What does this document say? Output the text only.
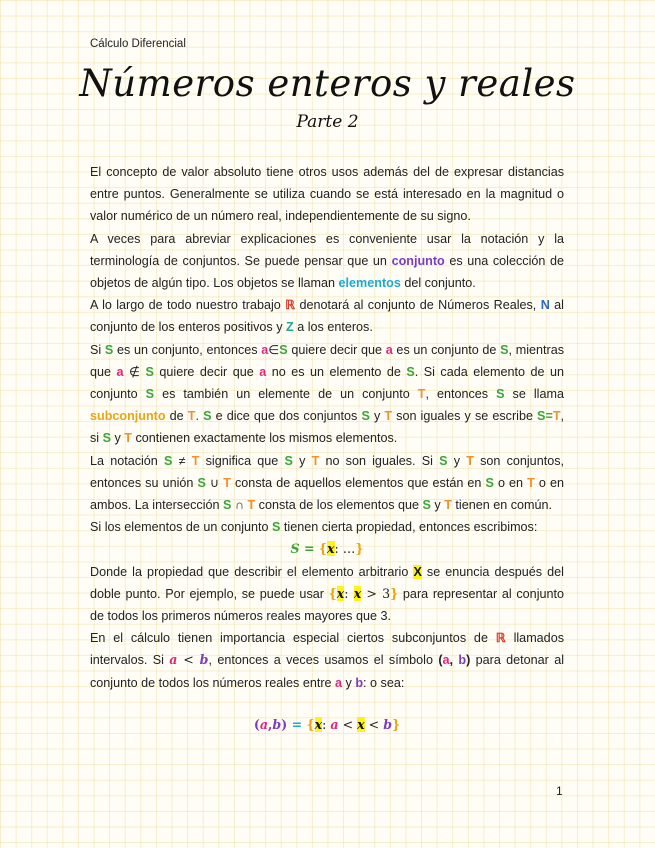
Cálculo Diferencial
Números enteros y reales
Parte 2

El concepto de valor absoluto tiene otros usos además del de expresar distancias entre puntos. Generalmente se utiliza cuando se está interesado en la magnitud o valor numérico de un número real, independientemente de su signo.

A veces para abreviar explicaciones es conveniente usar la notación y la terminología de conjuntos. Se puede pensar que un conjunto es una colección de objetos de algún tipo. Los objetos se llaman elementos del conjunto.

A lo largo de todo nuestro trabajo ℝ denotará al conjunto de Números Reales, N al conjunto de los enteros positivos y Z a los enteros.

Si S es un conjunto, entonces a∈S quiere decir que a es un conjunto de S, mientras que a ∉ S quiere decir que a no es un elemento de S. Si cada elemento de un conjunto S es también un elemente de un conjunto T, entonces S se llama subconjunto de T. S e dice que dos conjuntos S y T son iguales y se escribe S=T, si S y T contienen exactamente los mismos elementos.

La notación S ≠ T significa que S y T no son iguales. Si S y T son conjuntos, entonces su unión S ∪ T consta de aquellos elementos que están en S o en T o en ambos. La intersección S ∩ T consta de los elementos que S y T tienen en común.

Si los elementos de un conjunto S tienen cierta propiedad, entonces escribimos:

S = {x: …}

Donde la propiedad que describir el elemento arbitrario X se enuncia después del doble punto. Por ejemplo, se puede usar {x: x > 3} para representar al conjunto de todos los primeros números reales mayores que 3.

En el cálculo tienen importancia especial ciertos subconjuntos de ℝ llamados intervalos. Si a < b, entonces a veces usamos el símbolo (a, b) para detonar al conjunto de todos los números reales entre a y b: o sea:

(a,b) = {x: a < x < b}

1
